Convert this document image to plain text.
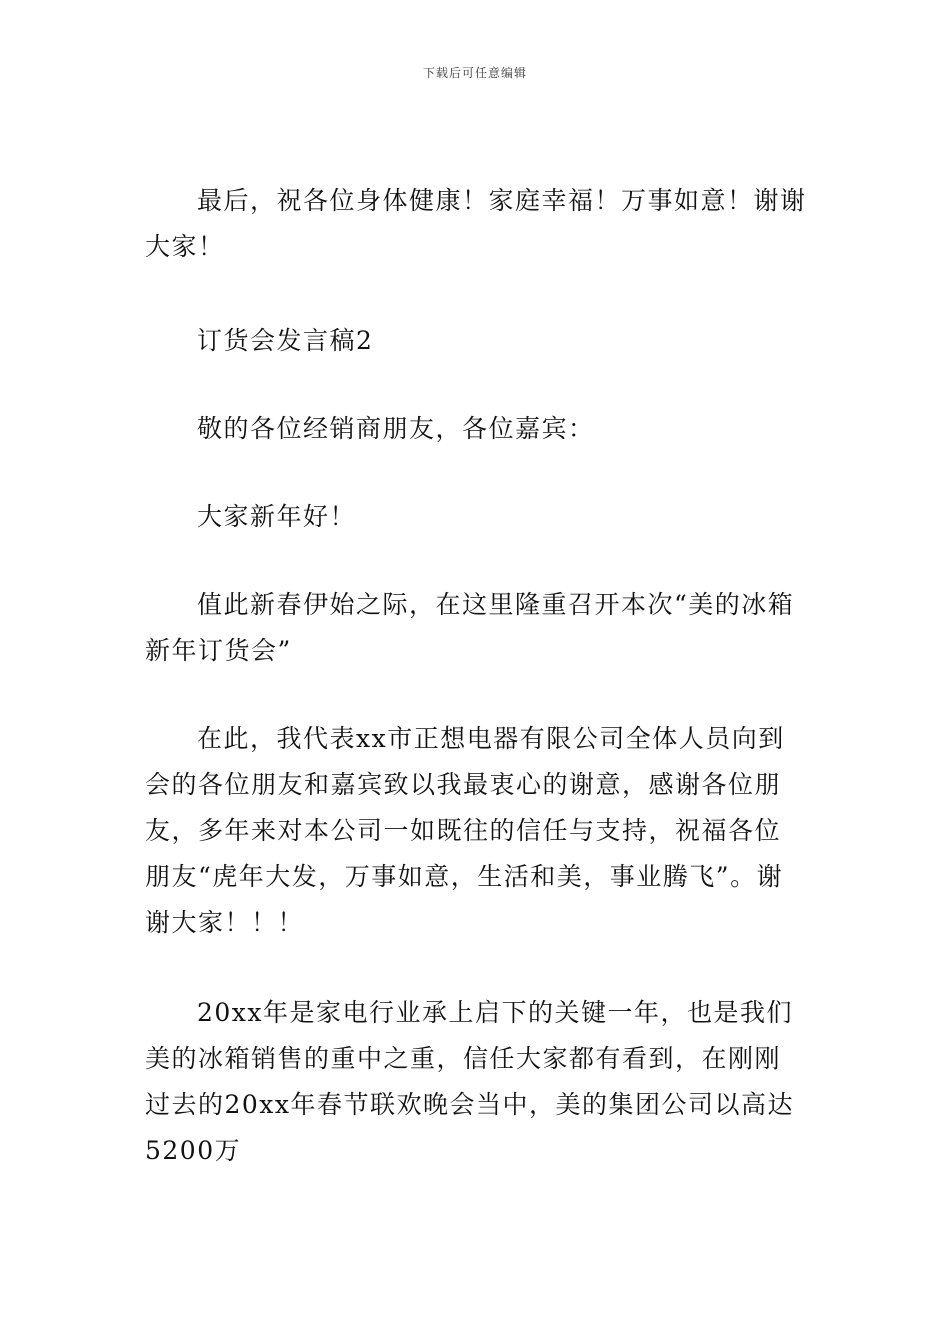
下载后可任意编辑

最后，祝各位身体健康！家庭幸福！万事如意！谢谢大家！

订货会发言稿2

敬的各位经销商朋友，各位嘉宾：

大家新年好！

值此新春伊始之际，在这里隆重召开本次“美的冰箱新年订货会”

在此，我代表xx市正想电器有限公司全体人员向到会的各位朋友和嘉宾致以我最衷心的谢意，感谢各位朋友，多年来对本公司一如既往的信任与支持，祝福各位朋友“虎年大发，万事如意，生活和美，事业腾飞”。谢谢大家！！！

20xx年是家电行业承上启下的关键一年，也是我们美的冰箱销售的重中之重，信任大家都有看到，在刚刚过去的20xx年春节联欢晚会当中，美的集团公司以高达5200万
